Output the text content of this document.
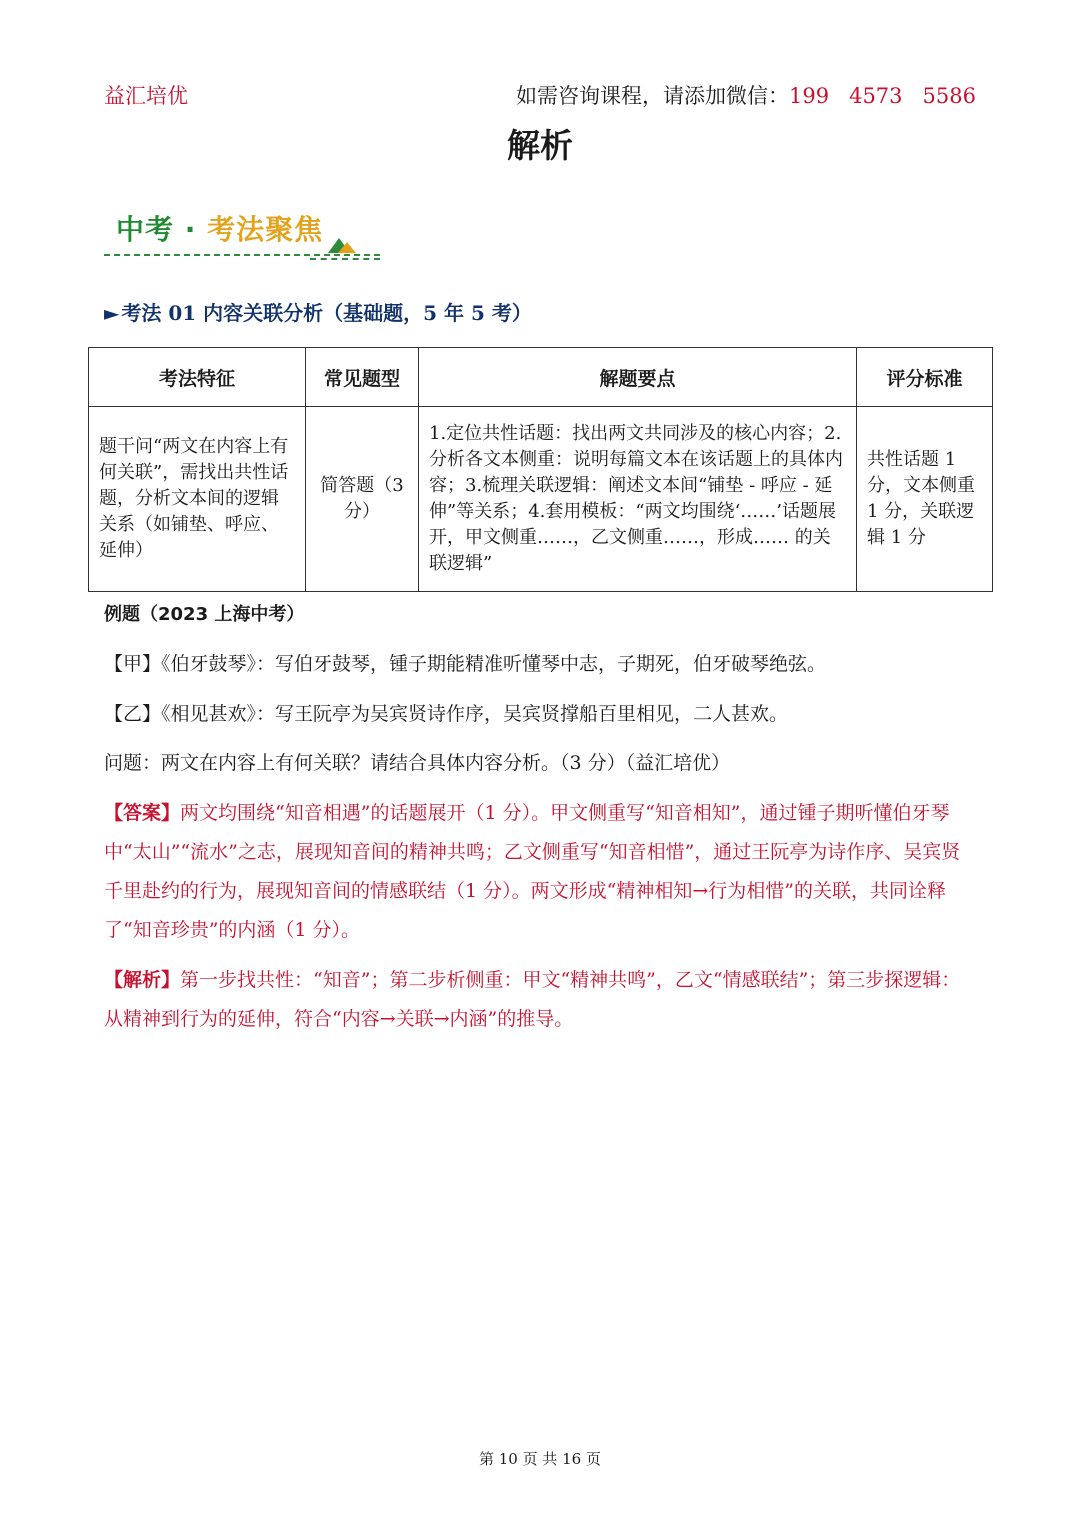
益汇培优	如需咨询课程，请添加微信：199   4573   5586
解析
中考 · 考法聚焦
► 考法 01 内容关联分析（基础题，5 年 5 考）
考法特征	常见题型	解题要点	评分标准
题干问“两文在内容上有何关联”，需找出共性话题，分析文本间的逻辑关系（如铺垫、呼应、延伸）	简答题（3分）	1.定位共性话题：找出两文共同涉及的核心内容；2.分析各文本侧重：说明每篇文本在该话题上的具体内容；3.梳理关联逻辑：阐述文本间“铺垫 - 呼应 - 延伸”等关系；4.套用模板：“两文均围绕‘……’话题展开，甲文侧重……，乙文侧重……，形成…… 的关联逻辑”	共性话题 1 分，文本侧重 1 分，关联逻辑 1 分
例题（2023 上海中考）
【甲】《伯牙鼓琴》：写伯牙鼓琴，锺子期能精准听懂琴中志，子期死，伯牙破琴绝弦。
【乙】《相见甚欢》：写王阮亭为吴宾贤诗作序，吴宾贤撑船百里相见，二人甚欢。
问题：两文在内容上有何关联？请结合具体内容分析。（3 分）（益汇培优）
【答案】两文均围绕“知音相遇”的话题展开（1 分）。甲文侧重写“知音相知”，通过锺子期听懂伯牙琴中“太山”“流水”之志，展现知音间的精神共鸣；乙文侧重写“知音相惜”，通过王阮亭为诗作序、吴宾贤千里赴约的行为，展现知音间的情感联结（1 分）。两文形成“精神相知→行为相惜”的关联，共同诠释了“知音珍贵”的内涵（1 分）。
【解析】第一步找共性：“知音”；第二步析侧重：甲文“精神共鸣”，乙文“情感联结”；第三步探逻辑：从精神到行为的延伸，符合“内容→关联→内涵”的推导。
第 10 页 共 16 页
